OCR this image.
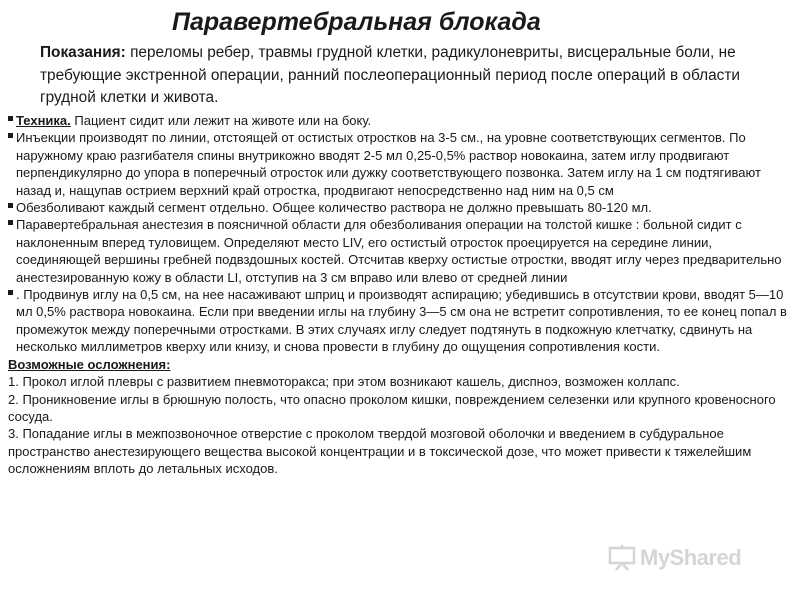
Паравертебральная блокада
Показания: переломы ребер, травмы грудной клетки, радикулоневриты, висцеральные боли, не требующие экстренной операции, ранний послеоперационный период после операций в области грудной клетки и живота.

Техника. Пациент сидит или лежит на животе или на боку.

Инъекции производят по линии, отстоящей от остистых отростков на 3-5 см., на уровне соответствующих сегментов. По наружному краю разгибателя спины внутрикожно вводят 2-5 мл 0,25-0,5% раствор новокаина, затем иглу продвигают перпендикулярно до упора в поперечный отросток или дужку соответствующего позвонка. Затем иглу на 1 см подтягивают назад и, нащупав острием верхний край отростка, продвигают непосредственно над ним на 0,5 см

Обезболивают каждый сегмент отдельно. Общее количество раствора не должно превышать 80-120 мл.

Паравертебральная анестезия в поясничной области для обезболивания операции на толстой кишке : больной сидит с наклоненным вперед туловищем. Определяют место LIV, его остистый отросток проецируется на середине линии, соединяющей вершины гребней подвздошных костей. Отсчитав кверху остистые отростки, вводят иглу через предварительно анестезированную кожу в области LI, отступив на 3 см вправо или влево от средней линии

. Продвинув иглу на 0,5 см, на нее насаживают шприц и производят аспирацию; убедившись в отсутствии крови, вводят 5—10 мл 0,5% раствора новокаина. Если при введении иглы на глубину 3—5 см она не встретит сопротивления, то ее конец попал в промежуток между поперечными отростками. В этих случаях иглу следует подтянуть в подкожную клетчатку, сдвинуть на несколько миллиметров кверху или книзу, и снова провести в глубину до ощущения сопротивления кости.

Возможные осложнения:

1. Прокол иглой плевры с развитием пневмоторакса; при этом возникают кашель, диспноэ, возможен коллапс.

2. Проникновение иглы в брюшную полость, что опасно проколом кишки, повреждением селезенки или крупного кровеносного сосуда.

3. Попадание иглы в межпозвоночное отверстие с проколом твердой мозговой оболочки и введением в субдуральное пространство анестезирующего вещества высокой концентрации и в токсической дозе, что может привести к тяжелейшим осложнениям вплоть до летальных исходов.

MyShared
